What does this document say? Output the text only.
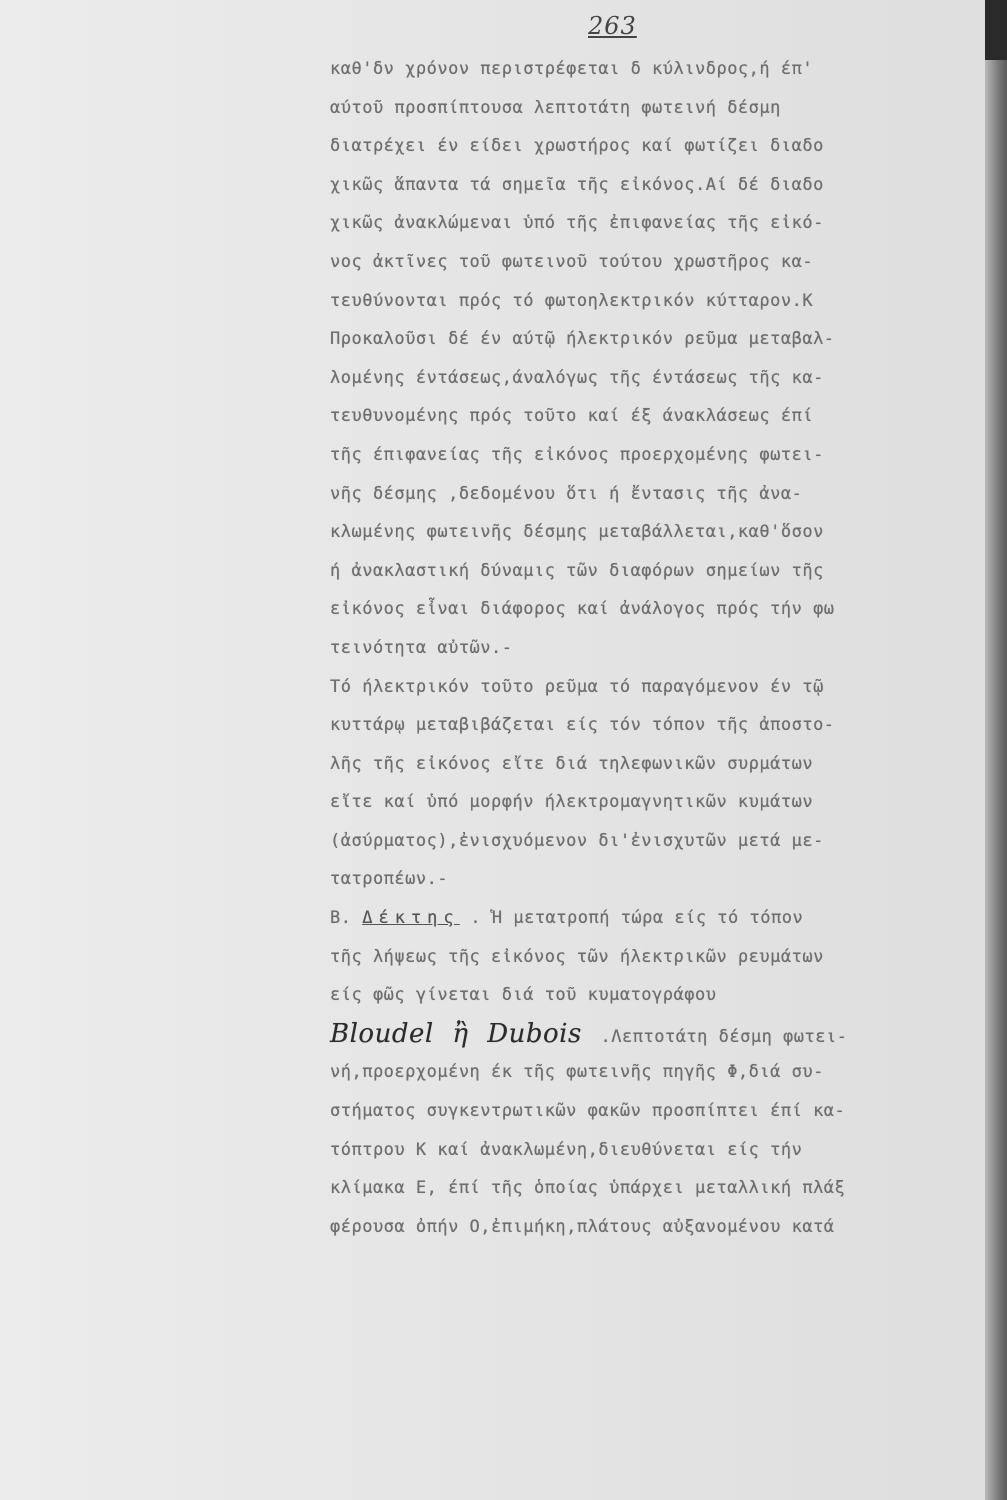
263
καθ'δν χρόνον περιστρέφεται δ κύλινδρος,ή έπ'
αύτοῦ προσπίπτουσα λεπτοτάτη φωτεινή δέσμη
διατρέχει έν είδει χρωστήρος καί φωτίζει διαδο
χικῶς ἅπαντα τά σημεῖα τῆς εἰκόνος.Αί δέ διαδο
χικῶς ἀνακλώμεναι ὑπό τῆς ἐπιφανείας τῆς εἰκό-
νος ἀκτῖνες τοῦ φωτεινοῦ τούτου χρωστῆρος κα-
τευθύνονται πρός τό φωτοηλεκτρικόν κύτταρον.Κ
Προκαλοῦσι δέ έν αύτῷ ήλεκτρικόν ρεῦμα μεταβαλ-
λομένης έντάσεως,άναλόγως τῆς έντάσεως τῆς κα-
τευθυνομένης πρός τοῦτο καί έξ άνακλάσεως έπί
τῆς έπιφανείας τῆς εἰκόνος προερχομένης φωτει-
νῆς δέσμης ,δεδομένου ὅτι ή ἔντασις τῆς ἀνα-
κλωμένης φωτεινῆς δέσμης μεταβάλλεται,καθ'ὅσον
ή ἀνακλαστική δύναμις τῶν διαφόρων σημείων τῆς
εἰκόνος εἶναι διάφορος καί ἀνάλογος πρός τήν φω
τεινότητα αὐτῶν.-
Τό ήλεκτρικόν τοῦτο ρεῦμα τό παραγόμενον έν τῷ
κυττάρῳ μεταβιβάζεται είς τόν τόπον τῆς ἀποστο-
λῆς τῆς εἰκόνος εἴτε διά τηλεφωνικῶν συρμάτων
εἴτε καί ὑπό μορφήν ήλεκτρομαγνητικῶν κυμάτων
(ἀσύρματος),ἐνισχυόμενον δι'ἐνισχυτῶν μετά με-
τατροπέων.-
Β. Δέκτης . Ἡ μετατροπή τώρα είς τό τόπον
τῆς λήψεως τῆς εἰκόνος τῶν ήλεκτρικῶν ρευμάτων
είς φῶς γίνεται διά τοῦ κυματογράφου
Bloudel ἢ Dubois .Λεπτοτάτη δέσμη φωτει-
νή,προερχομένη έκ τῆς φωτεινῆς πηγῆς Φ,διά συ-
στήματος συγκεντρωτικῶν φακῶν προσπίπτει έπί κα-
τόπτρου Κ καί ἀνακλωμένη,διευθύνεται είς τήν
κλίμακα Ε, έπί τῆς ὁποίας ὑπάρχει μεταλλική πλάξ
φέρουσα ὀπήν Ο,ἐπιμήκη,πλάτους αὐξανομένου κατά
